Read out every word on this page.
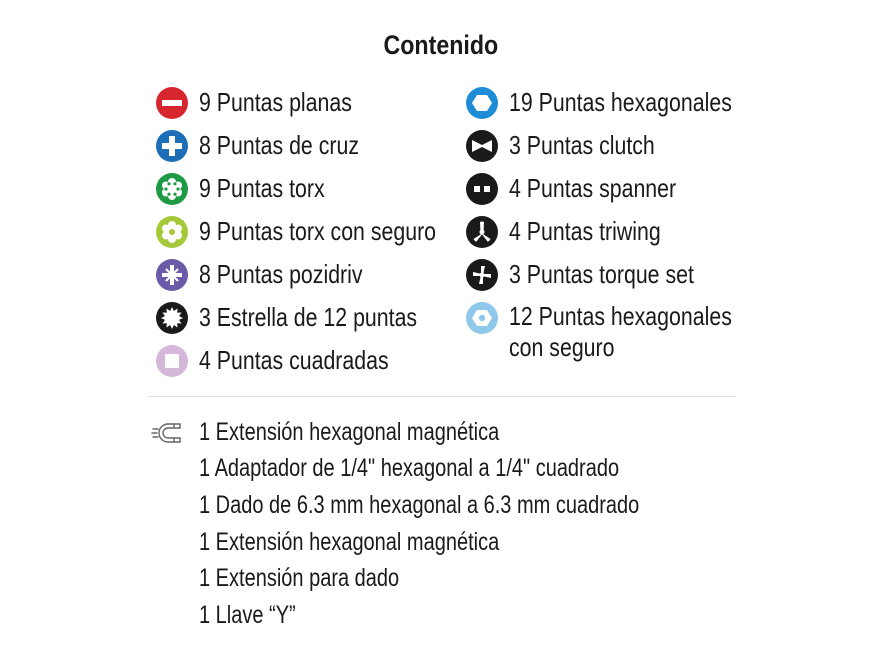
Contenido
9 Puntas planas
8 Puntas de cruz
9 Puntas torx
9 Puntas torx con seguro
8 Puntas pozidriv
3 Estrella de 12 puntas
4 Puntas cuadradas
19 Puntas hexagonales
3 Puntas clutch
4 Puntas spanner
4 Puntas triwing
3 Puntas torque set
12 Puntas hexagonales con seguro
1 Extensión hexagonal magnética
1 Adaptador de 1/4" hexagonal a 1/4" cuadrado
1 Dado de 6.3 mm hexagonal a 6.3 mm cuadrado
1 Extensión hexagonal magnética
1 Extensión para dado
1 Llave “Y”
